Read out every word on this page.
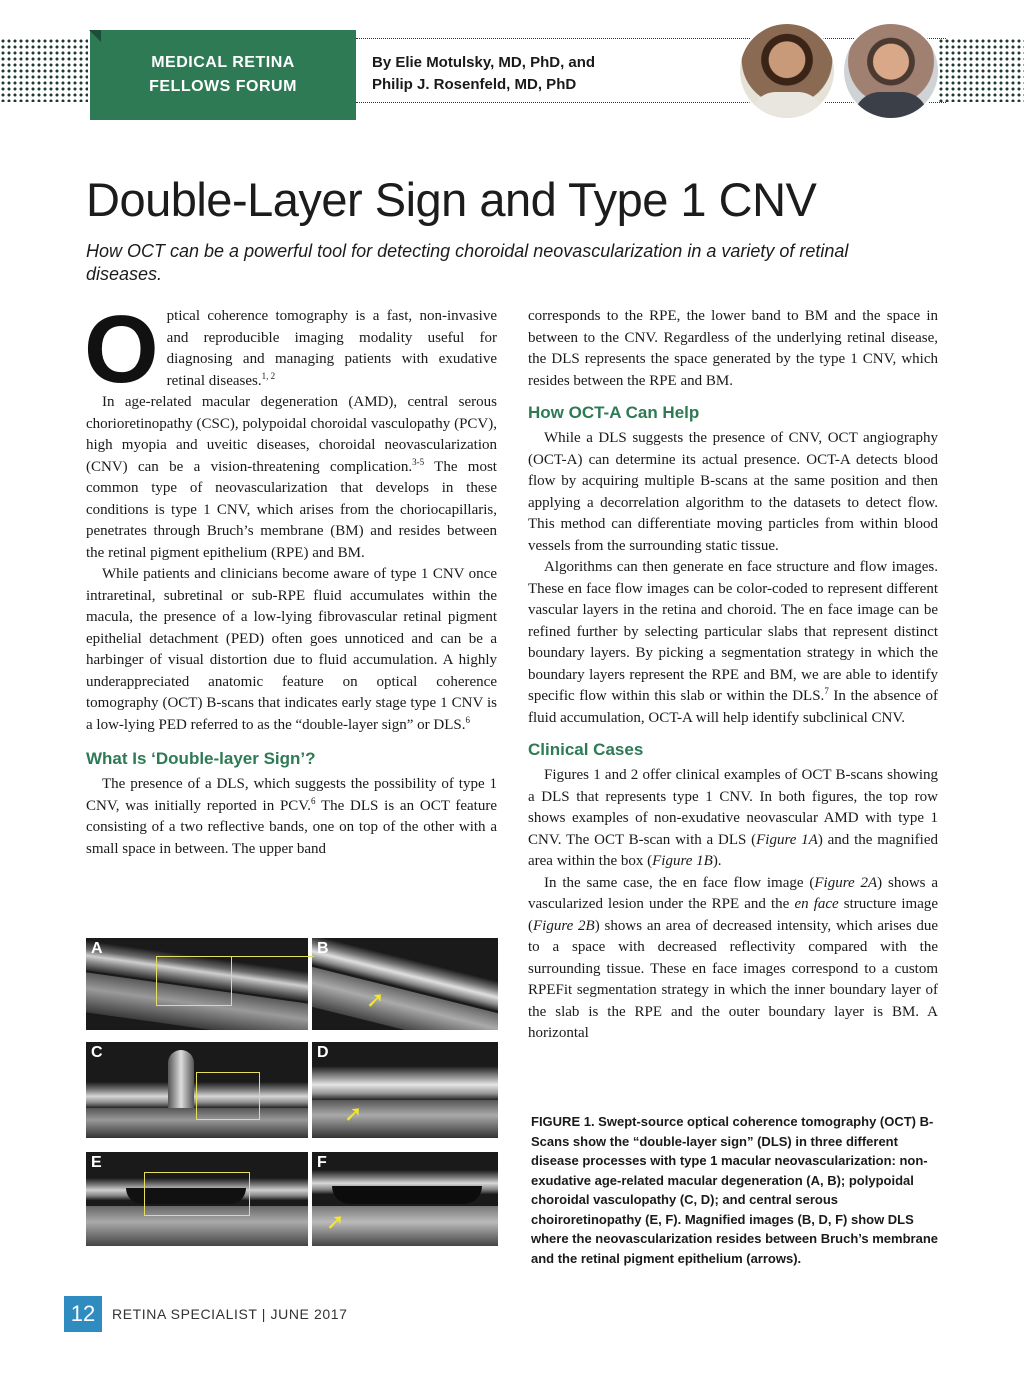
MEDICAL RETINA
FELLOWS FORUM
By Elie Motulsky, MD, PhD, and
Philip J. Rosenfeld, MD, PhD
Double-Layer Sign and Type 1 CNV
How OCT can be a powerful tool for detecting choroidal neovascularization in a variety of retinal diseases.

Optical coherence tomography is a fast, non-invasive and reproducible imaging modality useful for diagnosing and managing patients with exudative retinal diseases.$^{1, 2}$

In age-related macular degeneration (AMD), central serous chorioretinopathy (CSC), polypoidal choroidal vasculopathy (PCV), high myopia and uveitic diseases, choroidal neovascularization (CNV) can be a vision-threatening complication.$^{3-5}$ The most common type of neovascularization that develops in these conditions is type 1 CNV, which arises from the choriocapillaris, penetrates through Bruch’s membrane (BM) and resides between the retinal pigment epithelium (RPE) and BM.

While patients and clinicians become aware of type 1 CNV once intraretinal, subretinal or sub-RPE fluid accumulates within the macula, the presence of a low-lying fibrovascular retinal pigment epithelial detachment (PED) often goes unnoticed and can be a harbinger of visual distortion due to fluid accumulation. A highly underappreciated anatomic feature on optical coherence tomography (OCT) B-scans that indicates early stage type 1 CNV is a low-lying PED referred to as the “double-layer sign” or DLS.$^6$

What Is ‘Double-layer Sign’?

The presence of a DLS, which suggests the possibility of type 1 CNV, was initially reported in PCV.$^6$ The DLS is an OCT feature consisting of a two reflective bands, one on top of the other with a small space in between. The upper band

corresponds to the RPE, the lower band to BM and the space in between to the CNV. Regardless of the underlying retinal disease, the DLS represents the space generated by the type 1 CNV, which resides between the RPE and BM.

How OCT-A Can Help

While a DLS suggests the presence of CNV, OCT angiography (OCT-A) can determine its actual presence. OCT-A detects blood flow by acquiring multiple B-scans at the same position and then applying a decorrelation algorithm to the datasets to detect flow. This method can differentiate moving particles from within blood vessels from the surrounding static tissue.

Algorithms can then generate en face structure and flow images. These en face flow images can be color-coded to represent different vascular layers in the retina and choroid. The en face image can be refined further by selecting particular slabs that represent distinct boundary layers. By picking a segmentation strategy in which the boundary layers represent the RPE and BM, we are able to identify specific flow within this slab or within the DLS.$^7$ In the absence of fluid accumulation, OCT-A will help identify subclinical CNV.

Clinical Cases

Figures 1 and 2 offer clinical examples of OCT B-scans showing a DLS that represents type 1 CNV. In both figures, the top row shows examples of non-exudative neovascular AMD with type 1 CNV. The OCT B-scan with a DLS (Figure 1A) and the magnified area within the box (Figure 1B).

In the same case, the en face flow image (Figure 2A) shows a vascularized lesion under the RPE and the en face structure image (Figure 2B) shows an area of decreased intensity, which arises due to a space with decreased reflectivity compared with the surrounding tissue. These en face images correspond to a custom RPEFit segmentation strategy in which the inner boundary layer of the slab is the RPE and the outer boundary layer is BM. A horizontal

A
➚
B
C
➚
D
E
➚
F
FIGURE 1. Swept-source optical coherence tomography (OCT) B-Scans show the “double-layer sign” (DLS) in three different disease processes with type 1 macular neovascularization: non-exudative age-related macular degeneration (A, B); polypoidal choroidal vasculopathy (C, D); and central serous choiroretinopathy (E, F). Magnified images (B, D, F) show DLS where the neovascularization resides between Bruch’s membrane and the retinal pigment epithelium (arrows).
12	RETINA SPECIALIST | JUNE 2017
